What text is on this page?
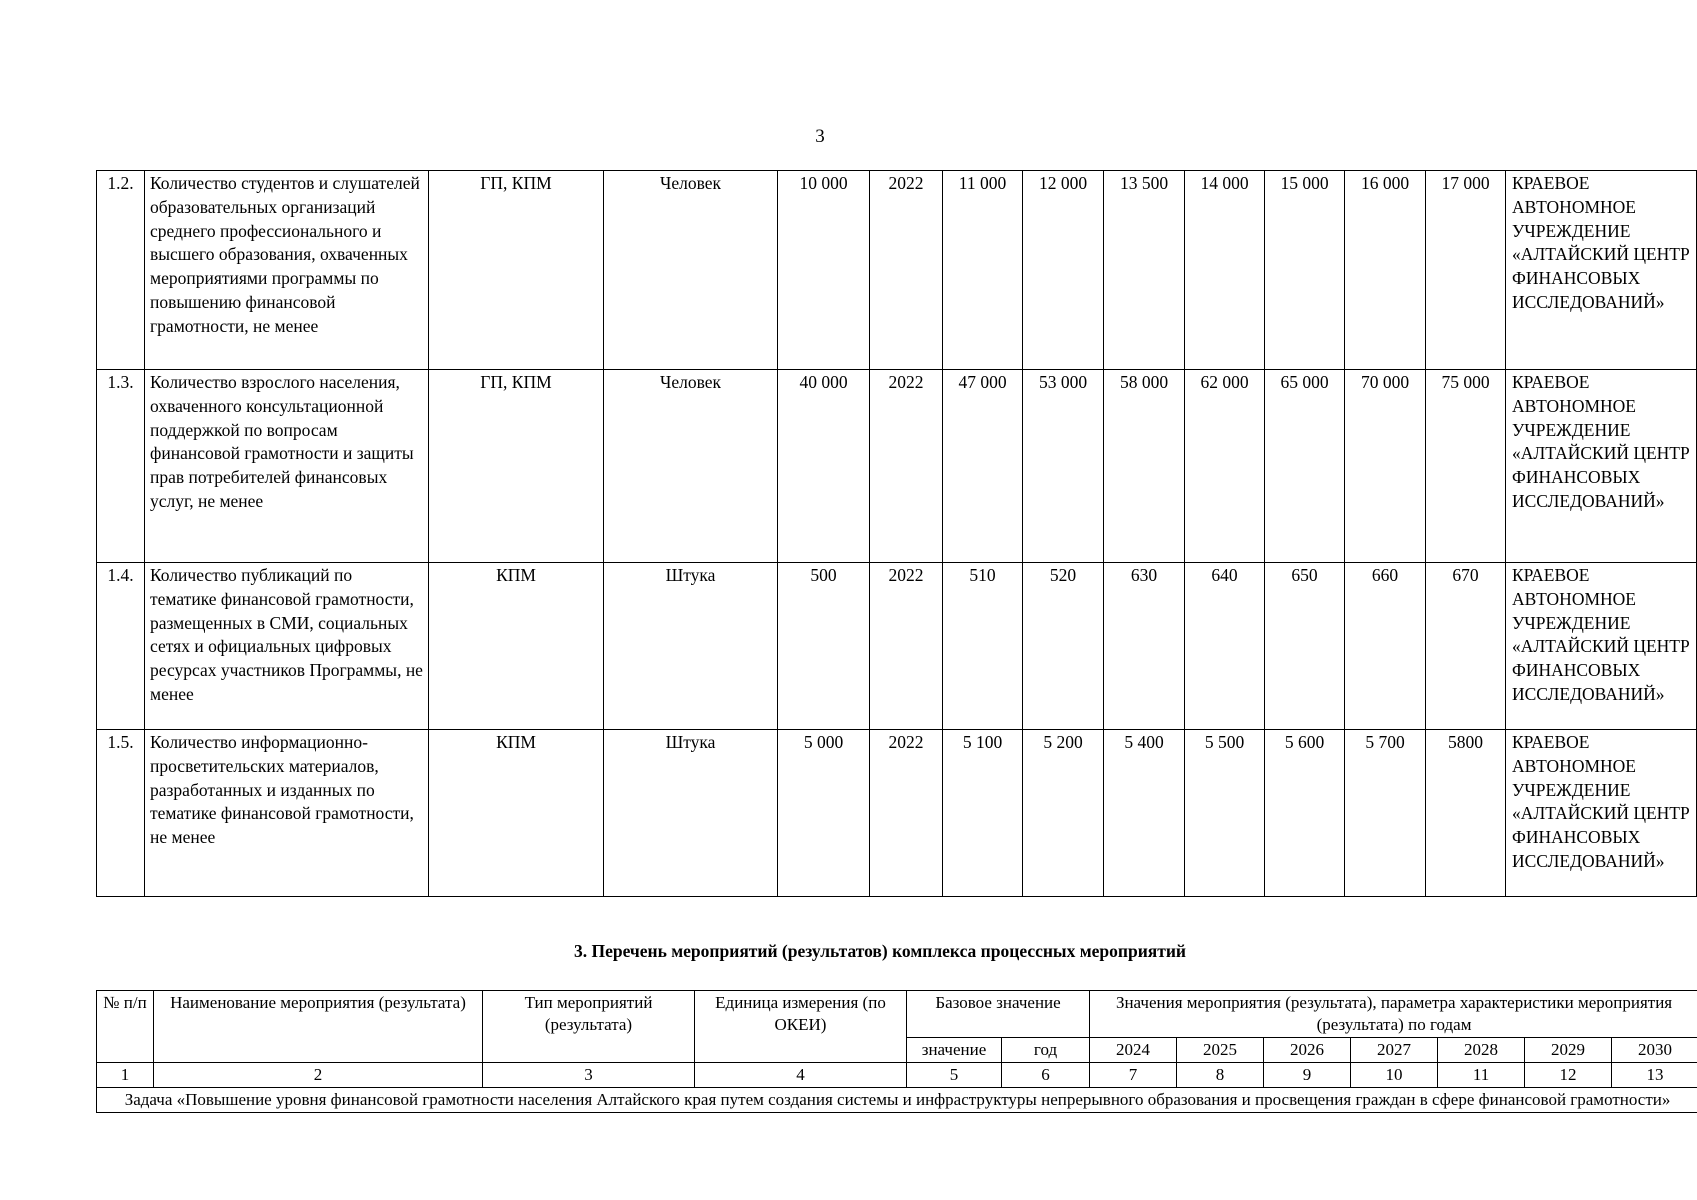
3
1.2.	Количество студентов и слушателей образовательных организаций среднего профессионального и высшего образования, охваченных мероприятиями программы по повышению финансовой грамотности, не менее	ГП, КПМ	Человек	10 000	2022	11 000	12 000	13 500	14 000	15 000	16 000	17 000	КРАЕВОЕ АВТОНОМНОЕ УЧРЕЖДЕНИЕ «АЛТАЙСКИЙ ЦЕНТР ФИНАНСОВЫХ ИССЛЕДОВАНИЙ»
1.3.	Количество взрослого населения, охваченного консультационной поддержкой по вопросам финансовой грамотности и защиты прав потребителей финансовых услуг, не менее	ГП, КПМ	Человек	40 000	2022	47 000	53 000	58 000	62 000	65 000	70 000	75 000	КРАЕВОЕ АВТОНОМНОЕ УЧРЕЖДЕНИЕ «АЛТАЙСКИЙ ЦЕНТР ФИНАНСОВЫХ ИССЛЕДОВАНИЙ»
1.4.	Количество публикаций по тематике финансовой грамотности, размещенных в СМИ, социальных сетях и официальных цифровых ресурсах участников Программы, не менее	КПМ	Штука	500	2022	510	520	630	640	650	660	670	КРАЕВОЕ АВТОНОМНОЕ УЧРЕЖДЕНИЕ «АЛТАЙСКИЙ ЦЕНТР ФИНАНСОВЫХ ИССЛЕДОВАНИЙ»
1.5.	Количество информационно-просветительских материалов, разработанных и изданных по тематике финансовой грамотности, не менее	КПМ	Штука	5 000	2022	5 100	5 200	5 400	5 500	5 600	5 700	5800	КРАЕВОЕ АВТОНОМНОЕ УЧРЕЖДЕНИЕ «АЛТАЙСКИЙ ЦЕНТР ФИНАНСОВЫХ ИССЛЕДОВАНИЙ»
3. Перечень мероприятий (результатов) комплекса процессных мероприятий
№ п/п	Наименование мероприятия (результата)	Тип мероприятий (результата)	Единица измерения (по ОКЕИ)	Базовое значение		Значения мероприятия (результата), параметра характеристики мероприятия (результата) по годам						
				значение	год	2024	2025	2026	2027	2028	2029	2030
1	2	3	4	5	6	7	8	9	10	11	12	13
Задача «Повышение уровня финансовой грамотности населения Алтайского края путем создания системы и инфраструктуры непрерывного образования и просвещения граждан в сфере финансовой грамотности»												
